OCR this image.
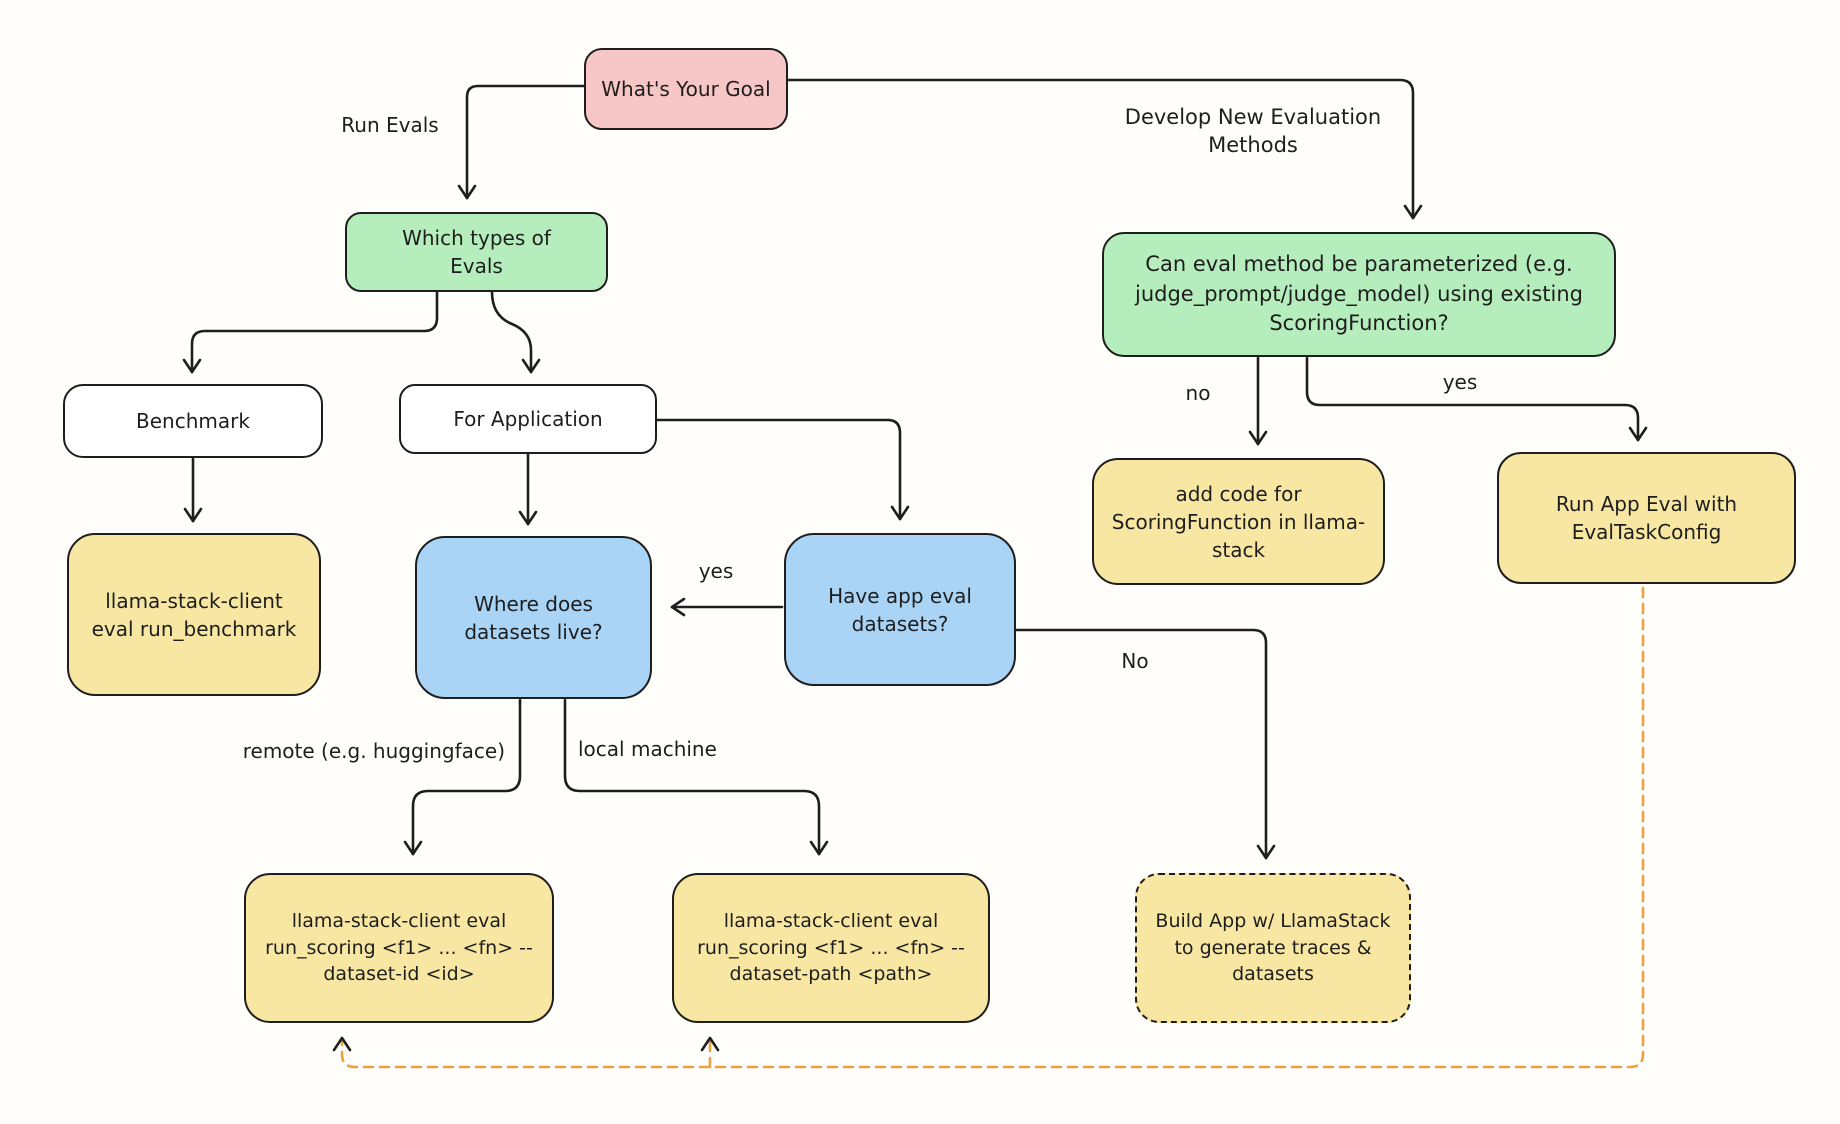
What's Your Goal
Which types of Evals
Benchmark	For Application
llama-stack-client eval run_benchmark
Where does datasets live?
Have app eval datasets?
Can eval method be parameterized (e.g. judge_prompt/judge_model) using existing ScoringFunction?
add code for ScoringFunction in llama-stack
Run App Eval with EvalTaskConfig
llama-stack-client eval run_scoring <f1> ... <fn> --dataset-id <id>
llama-stack-client eval run_scoring <f1> ... <fn> --dataset-path <path>
Build App w/ LlamaStack to generate traces & datasets
Run Evals	Develop New Evaluation Methods
yes
no	yes
No
remote (e.g. huggingface)	local machine
